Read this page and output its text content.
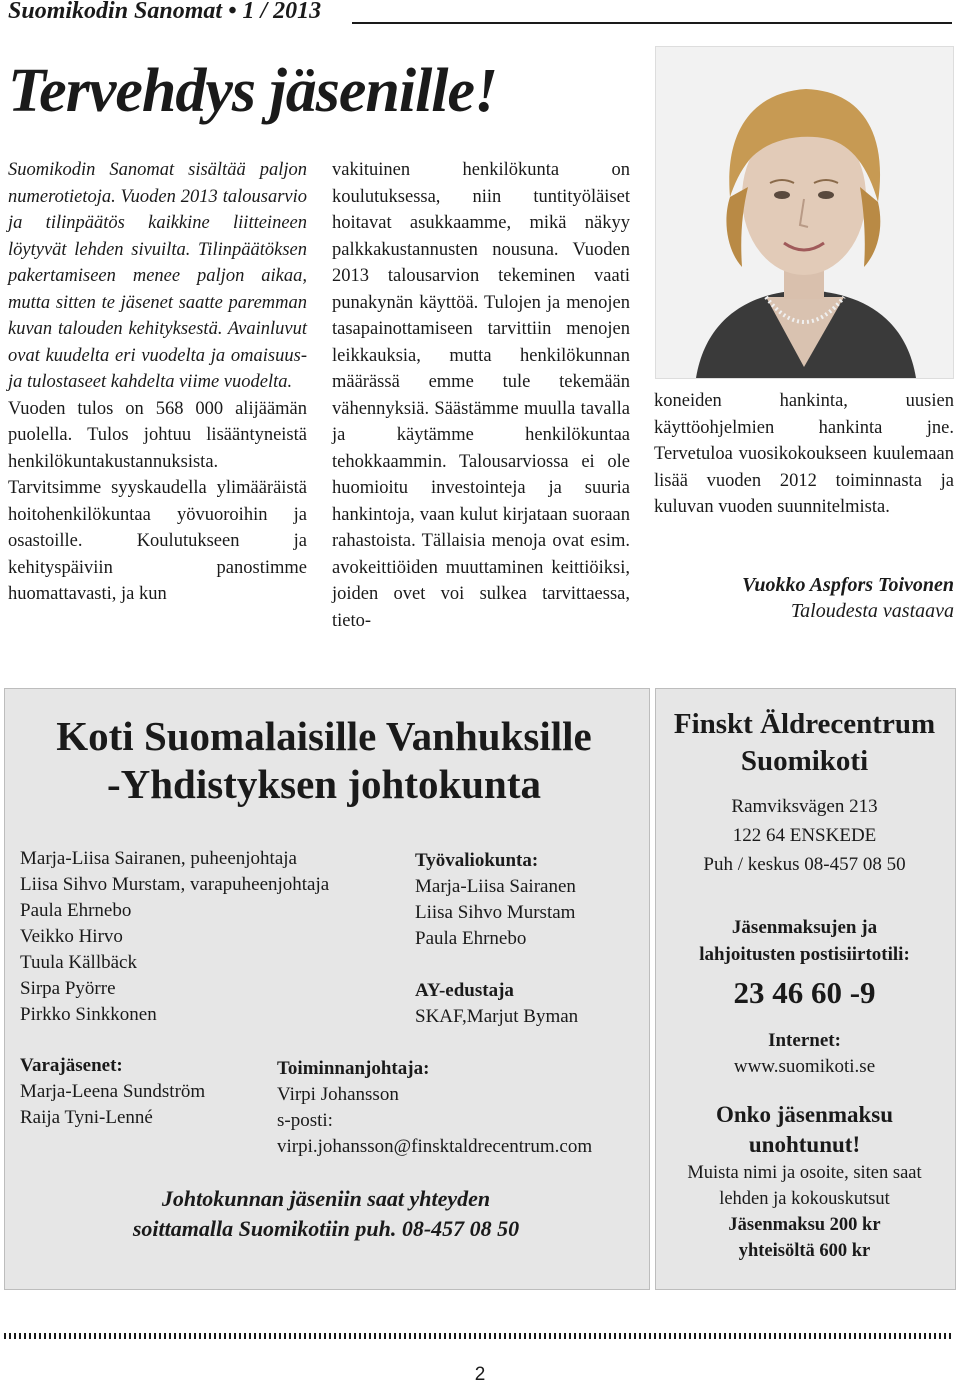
Suomikodin Sanomat • 1 / 2013
Tervehdys jäsenille!

Suomikodin Sanomat sisältää paljon numerotietoja. Vuoden 2013 talousarvio ja tilinpäätös kaikkine liitteineen löytyvät lehden sivuilta. Tilinpäätöksen pakertamiseen menee paljon aikaa, mutta sitten te jäsenet saatte paremman kuvan talouden kehityksestä. Avainluvut ovat kuudelta eri vuodelta ja omaisuus- ja tulostaseet kahdelta viime vuodelta.

Vuoden tulos on 568 000 alijäämän puolella. Tulos johtuu lisääntyneistä henkilökuntakustannuksista. Tarvitsimme syyskaudella ylimääräistä hoitohenkilökuntaa yövuoroihin ja osastoille. Koulutukseen ja kehityspäiviin panostimme huomattavasti, ja kun

vakituinen henkilökunta on koulutuksessa, niin tuntityöläiset hoitavat asukkaamme, mikä näkyy palkkakustannusten nousuna. Vuoden 2013 talousarvion tekeminen vaati punakynän käyttöä. Tulojen ja menojen tasapainottamiseen tarvittiin menojen leikkauksia, mutta henkilökunnan määrässä emme tule tekemään vähennyksiä. Säästämme muulla tavalla ja käytämme henkilökuntaa tehokkaammin. Talousarviossa ei ole huomioitu investointeja ja suuria hankintoja, vaan kulut kirjataan suoraan rahastoista. Tällaisia menoja ovat esim. avokeittiöiden muuttaminen keittiöiksi, joiden ovet voi sulkea tarvittaessa, tieto-

koneiden hankinta, uusien käyttöohjelmien hankinta jne. Tervetuloa vuosikokoukseen kuulemaan lisää vuoden 2012 toiminnasta ja kuluvan vuoden suunnitelmista.

Vuokko Aspfors Toivonen
Taloudesta vastaava
Koti Suomalaisille Vanhuksille
-Yhdistyksen johtokunta
Marja-Liisa Sairanen, puheenjohtaja
Liisa Sihvo Murstam, varapuheenjohtaja
Paula Ehrnebo
Veikko Hirvo
Tuula Källbäck
Sirpa Pyörre
Pirkko Sinkkonen
Työvaliokunta:
Marja-Liisa Sairanen
Liisa Sihvo Murstam
Paula Ehrnebo
AY-edustaja
SKAF,Marjut Byman
Varajäsenet:
Marja-Leena Sundström
Raija Tyni-Lenné
Toiminnanjohtaja:
Virpi Johansson
s-posti:
virpi.johansson@finsktaldrecentrum.com
Johtokunnan jäseniin saat yhteyden
soittamalla Suomikotiin puh. 08-457 08 50
Finskt Äldrecentrum
Suomikoti
Ramviksvägen 213
122 64 ENSKEDE
Puh / keskus 08-457 08 50
Jäsenmaksujen ja
lahjoitusten postisiirtotili:
23 46 60 -9
Internet:
www.suomikoti.se
Onko jäsenmaksu
unohtunut!
Muista nimi ja osoite, siten saat
lehden ja kokouskutsut
Jäsenmaksu 200 kr
yhteisöltä 600 kr
2
